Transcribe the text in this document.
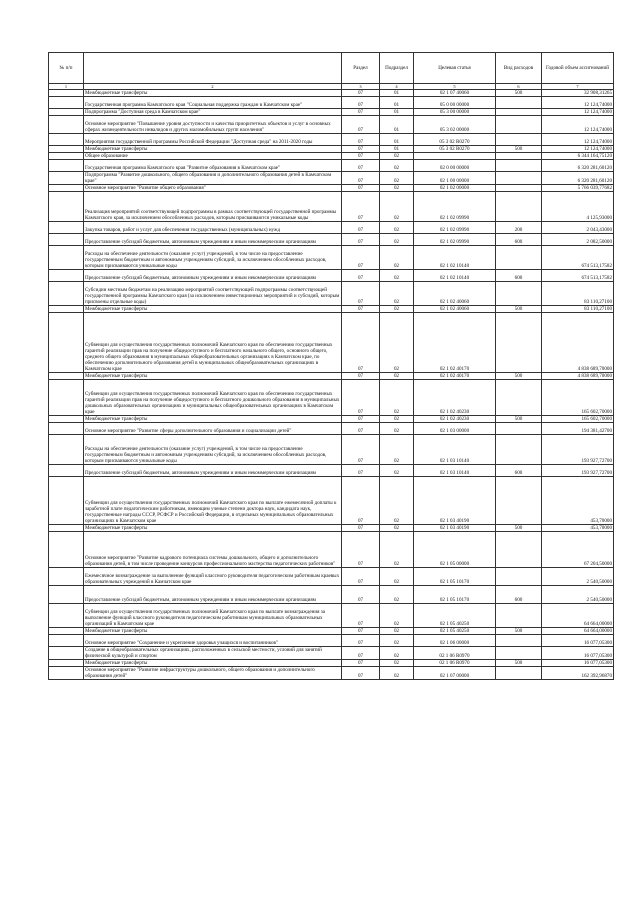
№ п/п		Раздел	Подраздел	Целевая статья	Вид расходов	Годовой объем ассигнований
1	2	3	4	5	6	7
	Межбюджетные трансферты	07	01	02 1 07 40060	500	32 908,31265
	Государственная программа Камчатского края "Социальная поддержка граждан в Камчатском крае"	07	01	05 0 00 00000		12 124,74000
	Подпрограмма "Доступная среда в Камчатском крае"	07	01	05 3 00 00000		12 124,74000
	Основное мероприятие "Повышение уровня доступности и качества приоритетных объектов и услуг в основных сферах жизнедеятельности инвалидов и других маломобильных групп населения"	07	01	05 3 02 00000		12 124,74000
	Мероприятия государственной программы Российской Федерации "Доступная среда" на 2011-2020 годы	07	01	05 3 02 R0270		12 124,74000
	Межбюджетные трансферты	07	01	05 3 02 R0270	500	12 124,74000
	Общее образование	07	02			6 344 164,75120
	Государственная программа Камчатского края "Развитие образования в Камчатском крае"	07	02	02 0 00 00000		6 320 281,60120
	Подпрограмма "Развитие дошкольного, общего образования и дополнительного образования детей в Камчатском крае"	07	02	02 1 00 00000		6 320 281,60120
	Основное мероприятие "Развитие общего образования"	07	02	02 1 02 00000		5 766 039,77682
	Реализация мероприятий соответствующей подпрограммы в рамках соответствующей государственной программы Камчатского края, за исключением обособленных расходов, которым присваиваются уникальные коды	07	02	02 1 02 09990		4 125,93000
	Закупка товаров, работ и услуг для обеспечения государственных (муниципальных) нужд	07	02	02 1 02 09990	200	2 043,43000
	Предоставление субсидий бюджетным, автономным учреждениям и иным некоммерческим организациям	07	02	02 1 02 09990	600	2 082,50000
	Расходы на обеспечение деятельности (оказание услуг) учреждений, в том числе на предоставление государственным бюджетным и автономным учреждениям субсидий, за исключением обособленных расходов, которым присваиваются уникальные коды	07	02	02 1 02 10140		674 513,17582
	Предоставление субсидий бюджетным, автономным учреждениям и иным некоммерческим организациям	07	02	02 1 02 10140	600	674 513,17582
	Субсидии местным бюджетам на реализацию мероприятий соответствующей подпрограммы соответствующей государственной программы Камчатского края (за исключением инвестиционных мероприятий и субсидий, которым присвоены отдельные коды)	07	02	02 1 02 40060		83 110,27100
	Межбюджетные трансферты	07	02	02 1 02 40060	500	83 110,27100
	Субвенции для осуществления государственных полномочий Камчатского края по обеспечению государственных гарантий реализации прав на получение общедоступного и бесплатного начального общего, основного общего, среднего общего образования в муниципальных общеобразовательных организациях в Камчатском крае, по обеспечению дополнительного образования детей в муниципальных общеобразовательных организациях в Камчатском крае	07	02	02 1 02 40170		4 838 689,70000
	Межбюджетные трансферты	07	02	02 1 02 40170	500	4 838 689,70000
	Субвенции для осуществления государственных полномочий Камчатского края по обеспечению государственных гарантий реализации прав на получение общедоступного и бесплатного дошкольного образования в муниципальных дошкольных образовательных организациях и муниципальных общеобразовательных организациях в Камчатском крае	07	02	02 1 02 40230		165 602,70000
	Межбюджетные трансферты	07	02	02 1 02 40230	500	165 602,70000
	Основное мероприятие "Развитие сферы дополнительного образования и социализации детей"	07	02	02 1 03 00000		194 381,42700
	Расходы на обеспечение деятельности (оказание услуг) учреждений, в том числе на предоставление государственным бюджетным и автономным учреждениям субсидий, за исключением обособленных расходов, которым присваиваются уникальные коды	07	02	02 1 03 10140		193 927,72700
	Предоставление субсидий бюджетным, автономным учреждениям и иным некоммерческим организациям	07	02	02 1 03 10140	600	193 927,72700
	Субвенции для осуществления государственных полномочий Камчатского края по выплате ежемесячной доплаты к заработной плате педагогическим работникам, имеющим ученые степени доктора наук, кандидата наук, государственные награды СССР, РСФСР и Российской Федерации, в отдельных муниципальных образовательных организациях в Камчатском крае	07	02	02 1 03 40190		453,70000
	Межбюджетные трансферты	07	02	02 1 03 40190	500	453,70000
	Основное мероприятие "Развитие кадрового потенциала системы дошкольного, общего и дополнительного образования детей, в том числе проведение конкурсов профессионального мастерства педагогических работников"	07	02	02 1 05 00000		67 204,50000
	Ежемесячное вознаграждение за выполнение функций классного руководителя педагогическим работникам краевых образовательных учреждений в Камчатском крае	07	02	02 1 05 10170		2 540,50000
	Предоставление субсидий бюджетным, автономным учреждениям и иным некоммерческим организациям	07	02	02 1 05 10170	600	2 540,50000
	Субвенции для осуществления государственных полномочий Камчатского края по выплате вознаграждения за выполнение функций классного руководителя педагогическим работникам муниципальных образовательных организаций в Камчатском крае	07	02	02 1 05 40250		64 664,00000
	Межбюджетные трансферты	07	02	02 1 05 40250	500	64 664,00000
	Основное мероприятие "Сохранение и укрепление здоровья учащихся и воспитанников"	07	02	02 1 06 00000		16 077,05300
	Создание в общеобразовательных организациях, расположенных в сельской местности, условий для занятий физической культурой и спортом	07	02	02 1 06 R0970		16 077,05300
	Межбюджетные трансферты	07	02	02 1 06 R0970	500	16 077,05300
	Основное мероприятие "Развитие инфраструктуры дошкольного, общего образования и дополнительного образования детей"	07	02	02 1 07 00000		162 392,96870
